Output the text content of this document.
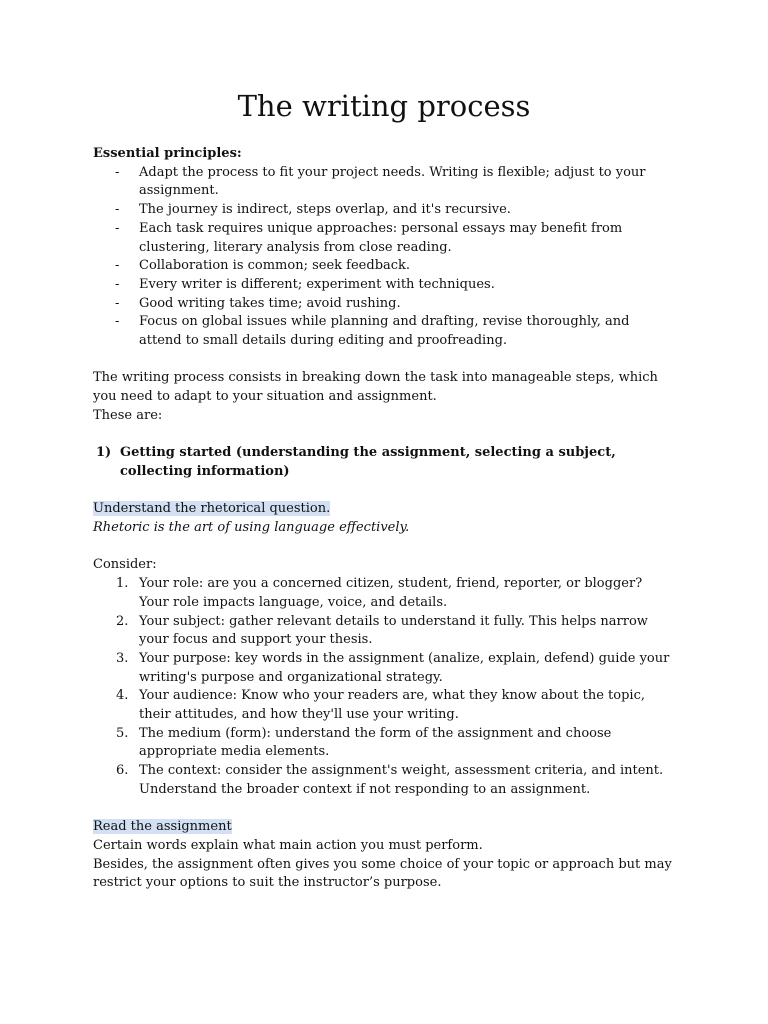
The writing process

Essential principles:

- Adapt the process to fit your project needs. Writing is flexible; adjust to your assignment.
- The journey is indirect, steps overlap, and it's recursive.
- Each task requires unique approaches: personal essays may benefit from clustering, literary analysis from close reading.
- Collaboration is common; seek feedback.
- Every writer is different; experiment with techniques.
- Good writing takes time; avoid rushing.
- Focus on global issues while planning and drafting, revise thoroughly, and attend to small details during editing and proofreading.

The writing process consists in breaking down the task into manageable steps, which you need to adapt to your situation and assignment.

These are:

1) Getting started (understanding the assignment, selecting a subject, collecting information)

Understand the rhetorical question.

Rhetoric is the art of using language effectively.

Consider:

1. Your role: are you a concerned citizen, student, friend, reporter, or blogger? Your role impacts language, voice, and details.
2. Your subject: gather relevant details to understand it fully. This helps narrow your focus and support your thesis.
3. Your purpose: key words in the assignment (analize, explain, defend) guide your writing's purpose and organizational strategy.
4. Your audience: Know who your readers are, what they know about the topic, their attitudes, and how they'll use your writing.
5. The medium (form): understand the form of the assignment and choose appropriate media elements.
6. The context: consider the assignment's weight, assessment criteria, and intent. Understand the broader context if not responding to an assignment.

Read the assignment

Certain words explain what main action you must perform.

Besides, the assignment often gives you some choice of your topic or approach but may restrict your options to suit the instructor’s purpose.
